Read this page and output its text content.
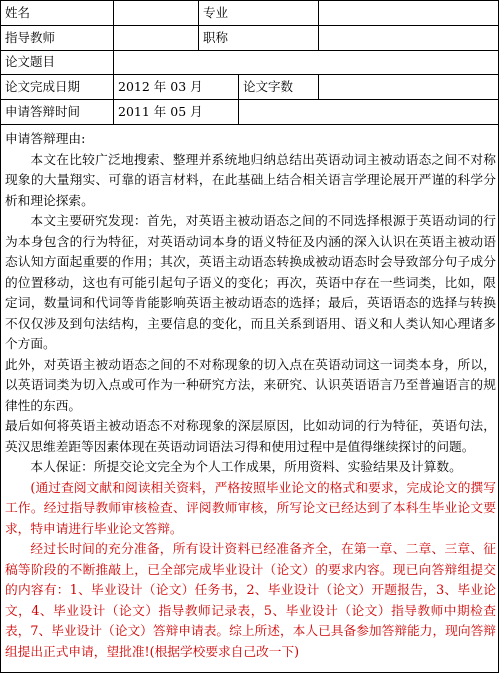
姓名	专业
指导教师	职称
论文题目
论文完成日期	2012 年 03 月	论文字数
申请答辩时间	2011 年 05 月

申请答辩理由:

本文在比较广泛地搜索、整理并系统地归纳总结出英语动词主被动语态之间不对称现象的大量翔实、可靠的语言材料，在此基础上结合相关语言学理论展开严谨的科学分析和理论探索。

本文主要研究发现：首先，对英语主被动语态之间的不同选择根源于英语动词的行为本身包含的行为特征，对英语动词本身的语义特征及内涵的深入认识在英语主被动语态认知方面起重要的作用；其次，英语主动语态转换成被动语态时会导致部分句子成分的位置移动，这也有可能引起句子语义的变化；再次，英语中存在一些词类，比如，限定词，数量词和代词等肯能影响英语主被动语态的选择；最后，英语语态的选择与转换不仅仅涉及到句法结构，主要信息的变化，而且关系到语用、语义和人类认知心理诸多个方面。

此外，对英语主被动语态之间的不对称现象的切入点在英语动词这一词类本身，所以，以英语词类为切入点或可作为一种研究方法，来研究、认识英语语言乃至普遍语言的规律性的东西。

最后如何将英语主被动语态不对称现象的深层原因，比如动词的行为特征，英语句法，英汉思维差距等因素体现在英语动词语法习得和使用过程中是值得继续探讨的问题。

本人保证：所提交论文完全为个人工作成果，所用资料、实验结果及计算数。

(通过查阅文献和阅读相关资料，严格按照毕业论文的格式和要求，完成论文的撰写工作。经过指导教师审核检查、评阅教师审核，所写论文已经达到了本科生毕业论文要求，特申请进行毕业论文答辩。

经过长时间的充分准备，所有设计资料已经准备齐全，在第一章、二章、三章、征稿等阶段的不断推敲上，已全部完成毕业设计（论文）的要求内容。现已向答辩组提交的内容有：1、毕业设计（论文）任务书，2、毕业设计（论文）开题报告，3、毕业论文，4、毕业设计（论文）指导教师记录表，5、毕业设计（论文）指导教师中期检查表，7、毕业设计（论文）答辩申请表。综上所述，本人已具备参加答辩能力，现向答辩组提出正式申请，望批准!(根据学校要求自己改一下)
